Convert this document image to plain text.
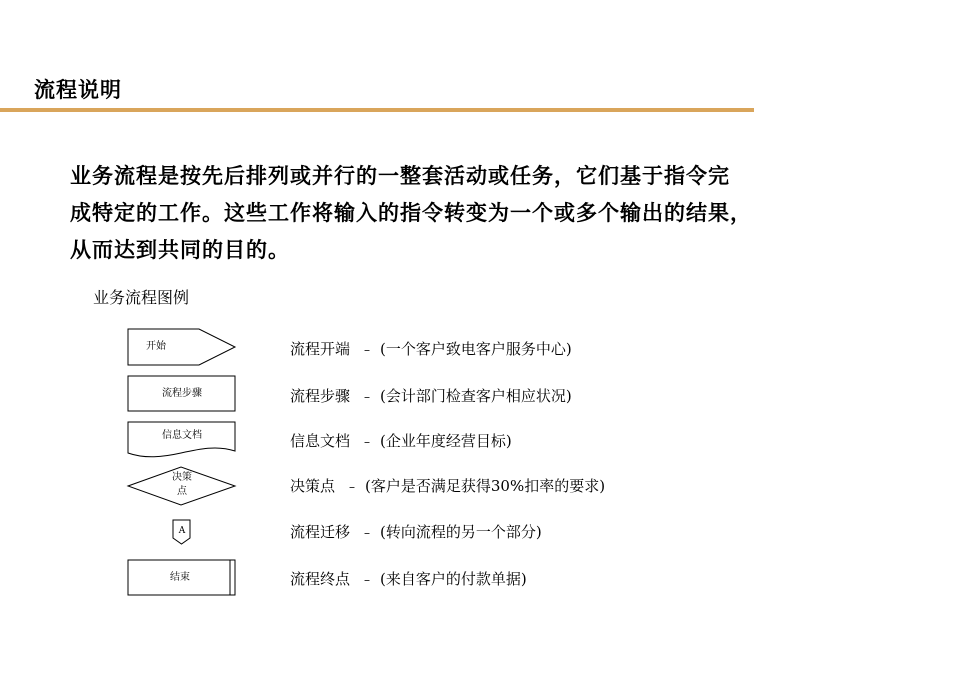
流程说明
业务流程是按先后排列或并行的一整套活动或任务，它们基于指令完
成特定的工作。这些工作将输入的指令转变为一个或多个输出的结果，
从而达到共同的目的。
业务流程图例
开始
流程步骤
信息文档
决策
点
A
结束
流程开端 – (一个客户致电客户服务中心)
流程步骤 – (会计部门检查客户相应状况)
信息文档 – (企业年度经营目标)
决策点 – (客户是否满足获得30%扣率的要求)
流程迁移 – (转向流程的另一个部分)
流程终点 – (来自客户的付款单据)
